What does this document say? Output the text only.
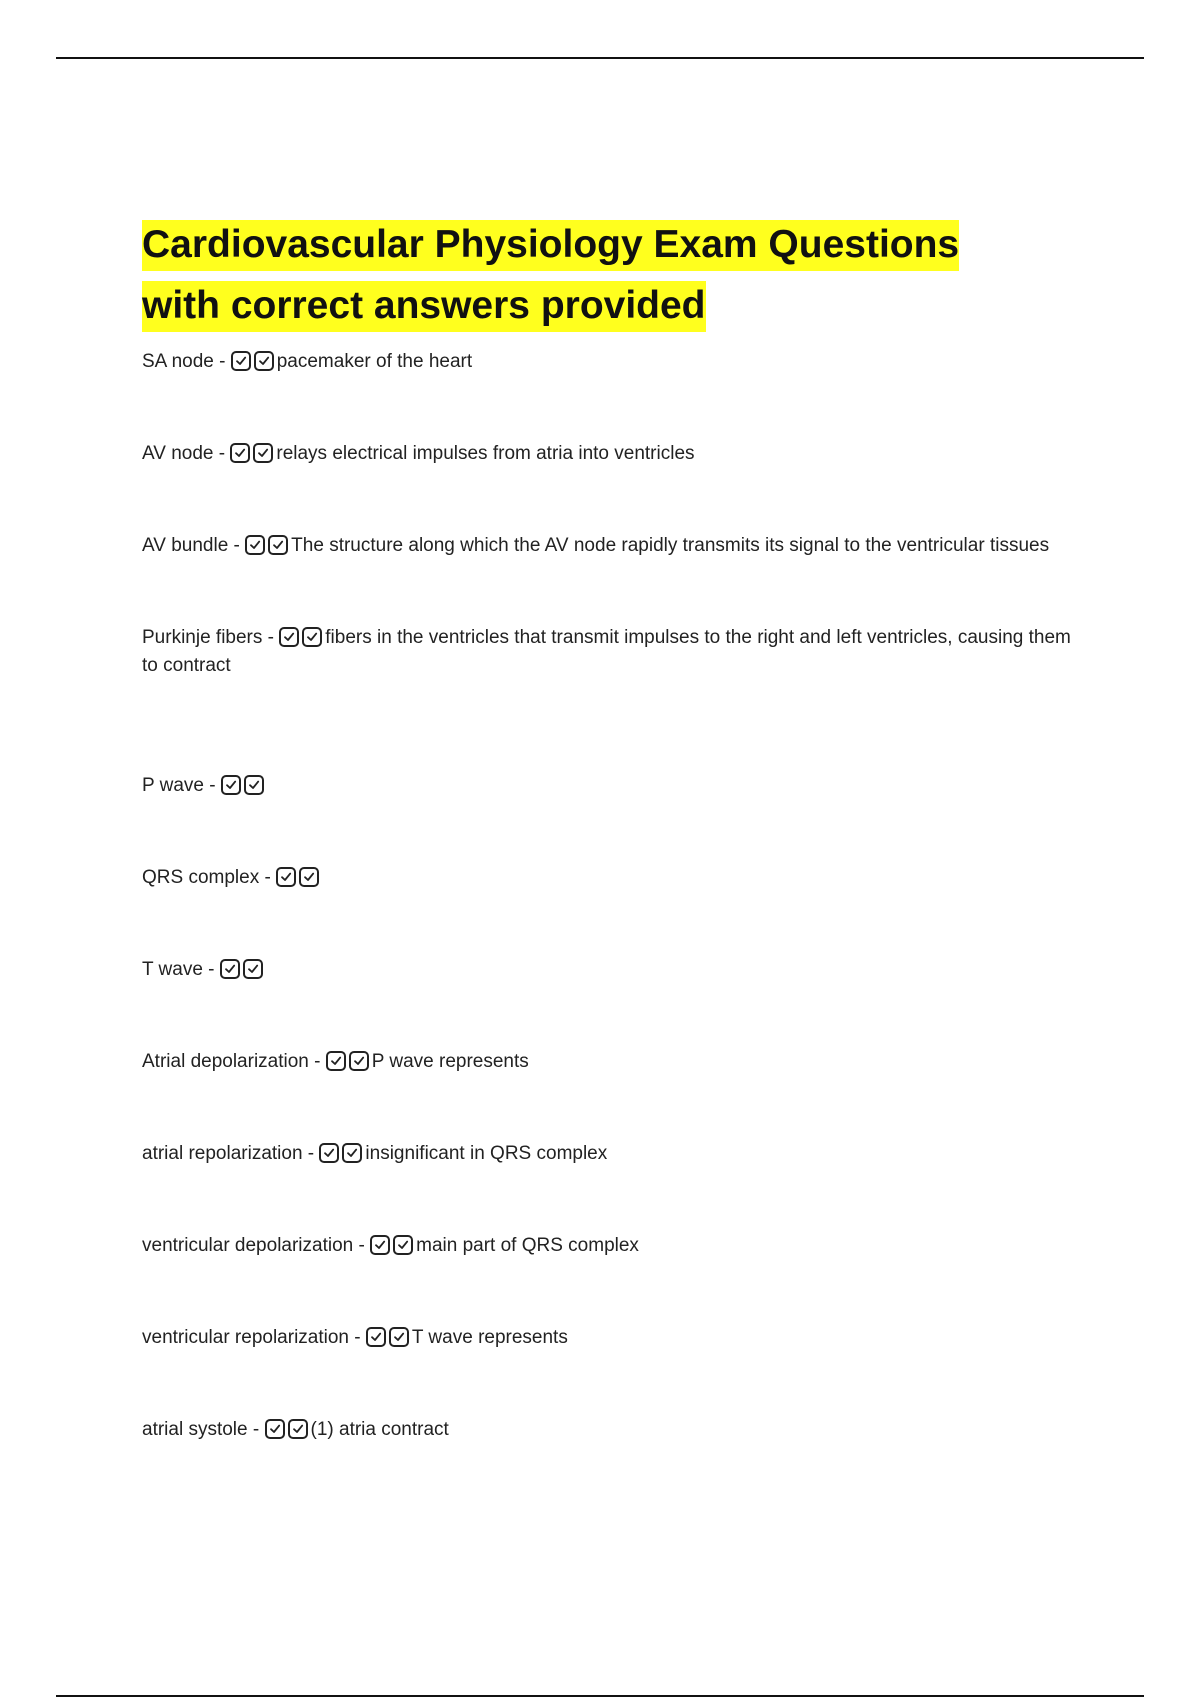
Cardiovascular Physiology Exam Questions
with correct answers provided
SA node -
pacemaker of the heart
AV node -
relays electrical impulses from atria into ventricles
AV bundle -
The structure along which the AV node rapidly transmits its signal to the ventricular tissues
Purkinje fibers -
fibers in the ventricles that transmit impulses to the right and left ventricles, causing them to contract
P wave -
QRS complex -
T wave -
Atrial depolarization -
P wave represents
atrial repolarization -
insignificant in QRS complex
ventricular depolarization -
main part of QRS complex
ventricular repolarization -
T wave represents
atrial systole -
(1) atria contract
